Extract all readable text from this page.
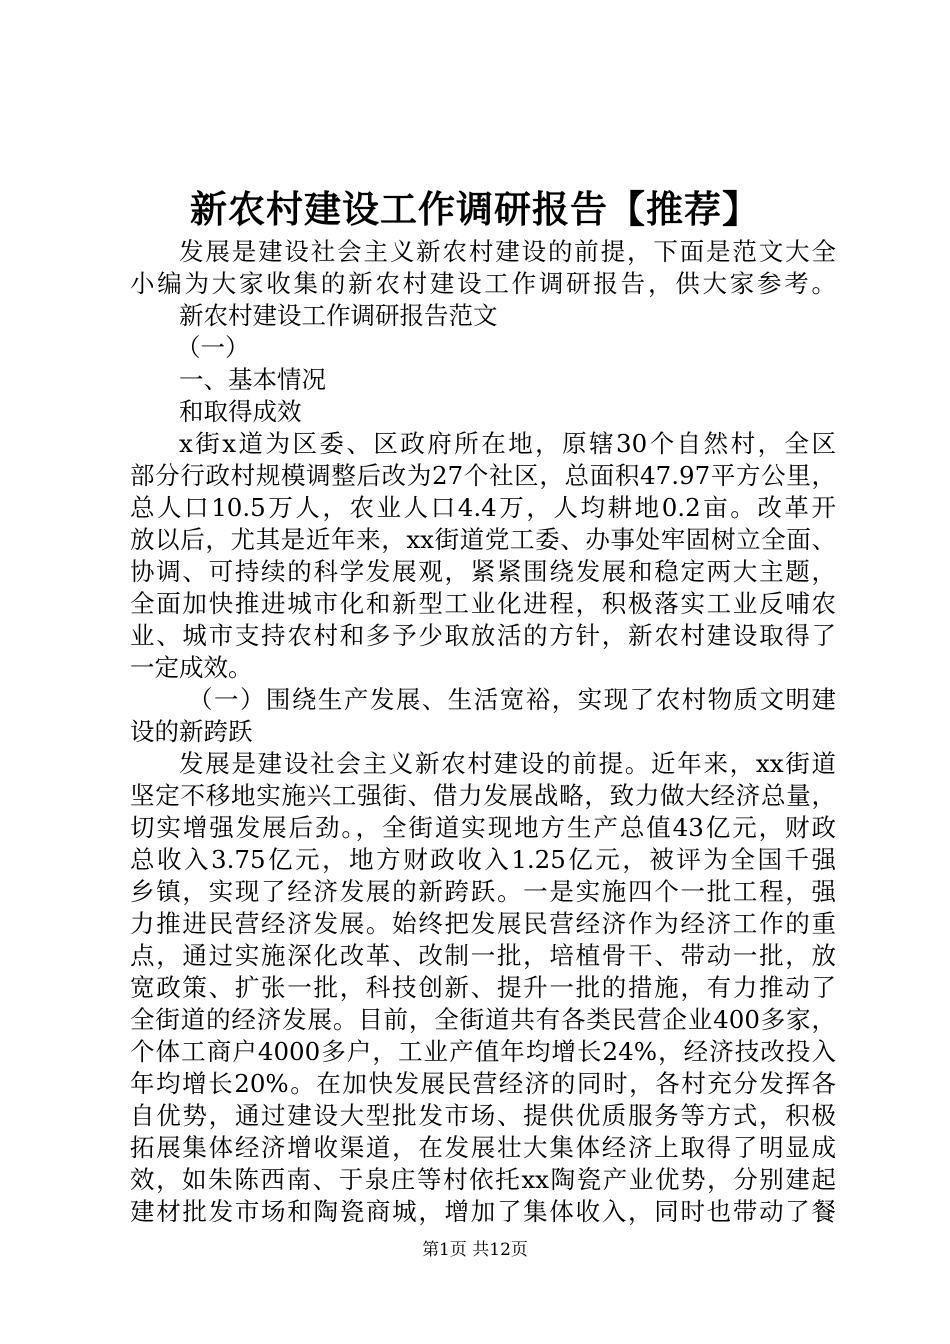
新农村建设工作调研报告【推荐】
发展是建设社会主义新农村建设的前提，下面是范文大全
小编为大家收集的新农村建设工作调研报告，供大家参考。
新农村建设工作调研报告范文
（一）
一、基本情况
和取得成效
x街x道为区委、区政府所在地，原辖30个自然村，全区
部分行政村规模调整后改为27个社区，总面积47.97平方公里，
总人口10.5万人，农业人口4.4万，人均耕地0.2亩。改革开
放以后，尤其是近年来，xx街道党工委、办事处牢固树立全面、
协调、可持续的科学发展观，紧紧围绕发展和稳定两大主题，
全面加快推进城市化和新型工业化进程，积极落实工业反哺农
业、城市支持农村和多予少取放活的方针，新农村建设取得了
一定成效。
（一）围绕生产发展、生活宽裕，实现了农村物质文明建
设的新跨跃
发展是建设社会主义新农村建设的前提。近年来，xx街道
坚定不移地实施兴工强街、借力发展战略，致力做大经济总量，
切实增强发展后劲。，全街道实现地方生产总值43亿元，财政
总收入3.75亿元，地方财政收入1.25亿元，被评为全国千强
乡镇，实现了经济发展的新跨跃。一是实施四个一批工程，强
力推进民营经济发展。始终把发展民营经济作为经济工作的重
点，通过实施深化改革、改制一批，培植骨干、带动一批，放
宽政策、扩张一批，科技创新、提升一批的措施，有力推动了
全街道的经济发展。目前，全街道共有各类民营企业400多家，
个体工商户4000多户，工业产值年均增长24%，经济技改投入
年均增长20%。在加快发展民营经济的同时，各村充分发挥各
自优势，通过建设大型批发市场、提供优质服务等方式，积极
拓展集体经济增收渠道，在发展壮大集体经济上取得了明显成
效，如朱陈西南、于泉庄等村依托xx陶瓷产业优势，分别建起
建材批发市场和陶瓷商城，增加了集体收入，同时也带动了餐
第1页 共12页
